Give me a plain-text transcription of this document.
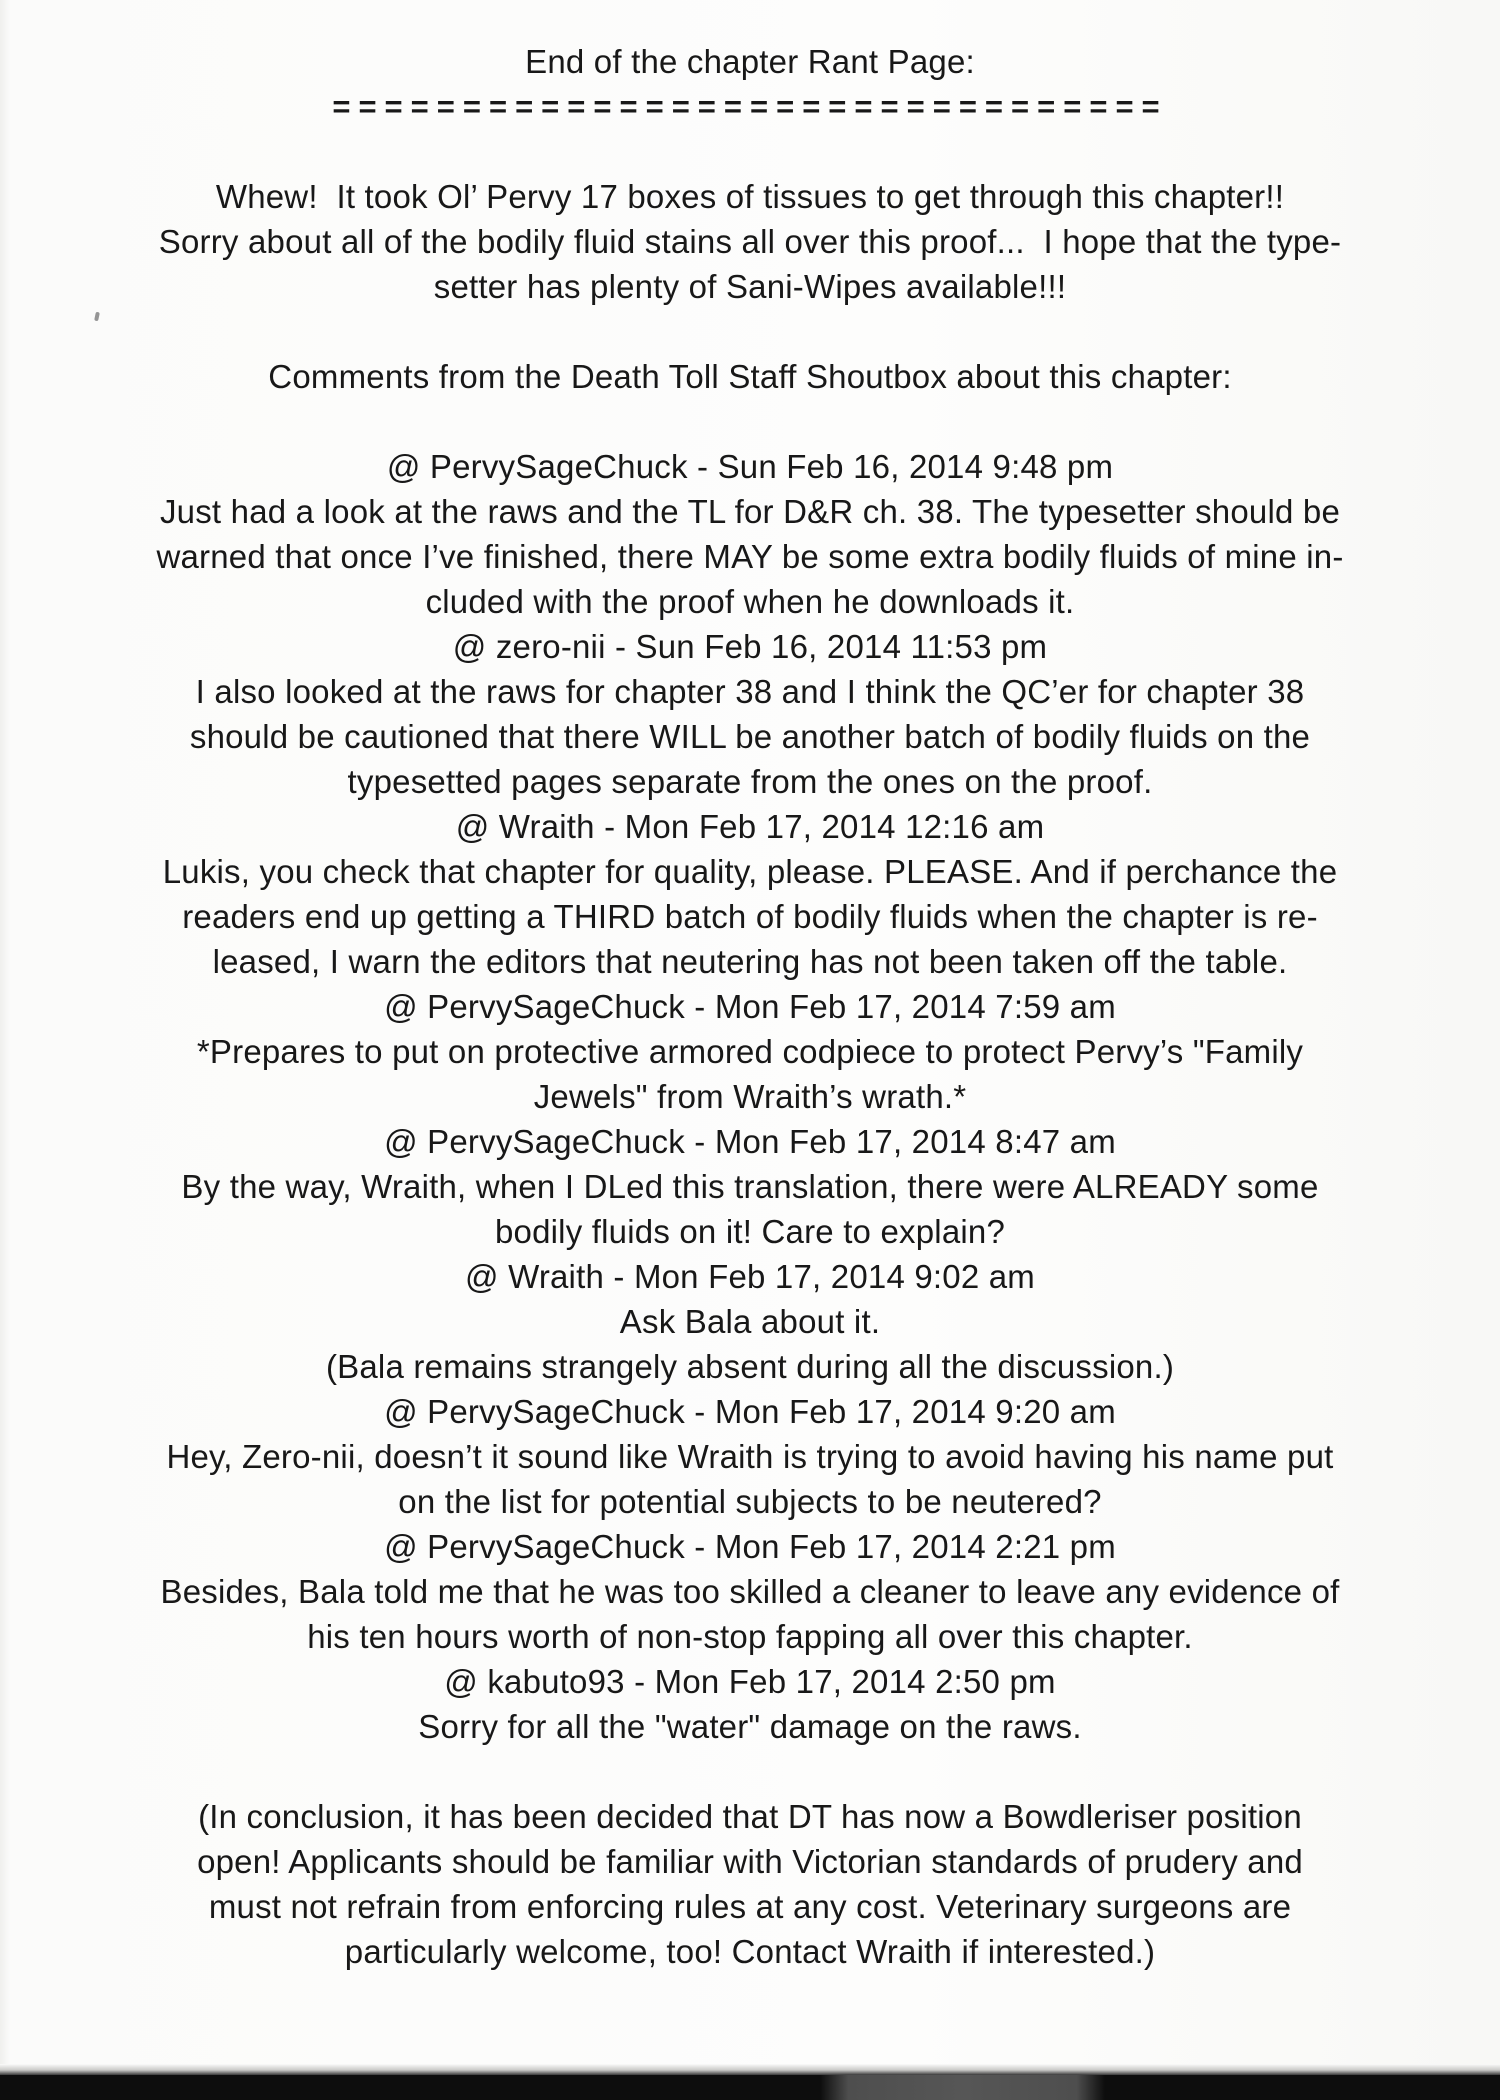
End of the chapter Rant Page:
================================
Whew!  It took Ol’ Pervy 17 boxes of tissues to get through this chapter!!
Sorry about all of the bodily fluid stains all over this proof...  I hope that the type-
setter has plenty of Sani-Wipes available!!!
Comments from the Death Toll Staff Shoutbox about this chapter:
@ PervySageChuck - Sun Feb 16, 2014 9:48 pm
Just had a look at the raws and the TL for D&R ch. 38. The typesetter should be
warned that once I’ve finished, there MAY be some extra bodily fluids of mine in-
cluded with the proof when he downloads it.
@ zero-nii - Sun Feb 16, 2014 11:53 pm
I also looked at the raws for chapter 38 and I think the QC’er for chapter 38
should be cautioned that there WILL be another batch of bodily fluids on the
typesetted pages separate from the ones on the proof.
@ Wraith - Mon Feb 17, 2014 12:16 am
Lukis, you check that chapter for quality, please. PLEASE. And if perchance the
readers end up getting a THIRD batch of bodily fluids when the chapter is re-
leased, I warn the editors that neutering has not been taken off the table.
@ PervySageChuck - Mon Feb 17, 2014 7:59 am
*Prepares to put on protective armored codpiece to protect Pervy’s "Family
Jewels" from Wraith’s wrath.*
@ PervySageChuck - Mon Feb 17, 2014 8:47 am
By the way, Wraith, when I DLed this translation, there were ALREADY some
bodily fluids on it! Care to explain?
@ Wraith - Mon Feb 17, 2014 9:02 am
Ask Bala about it.
(Bala remains strangely absent during all the discussion.)
@ PervySageChuck - Mon Feb 17, 2014 9:20 am
Hey, Zero-nii, doesn’t it sound like Wraith is trying to avoid having his name put
on the list for potential subjects to be neutered?
@ PervySageChuck - Mon Feb 17, 2014 2:21 pm
Besides, Bala told me that he was too skilled a cleaner to leave any evidence of
his ten hours worth of non-stop fapping all over this chapter.
@ kabuto93 - Mon Feb 17, 2014 2:50 pm
Sorry for all the "water" damage on the raws.
(In conclusion, it has been decided that DT has now a Bowdleriser position
open! Applicants should be familiar with Victorian standards of prudery and
must not refrain from enforcing rules at any cost. Veterinary surgeons are
particularly welcome, too! Contact Wraith if interested.)
